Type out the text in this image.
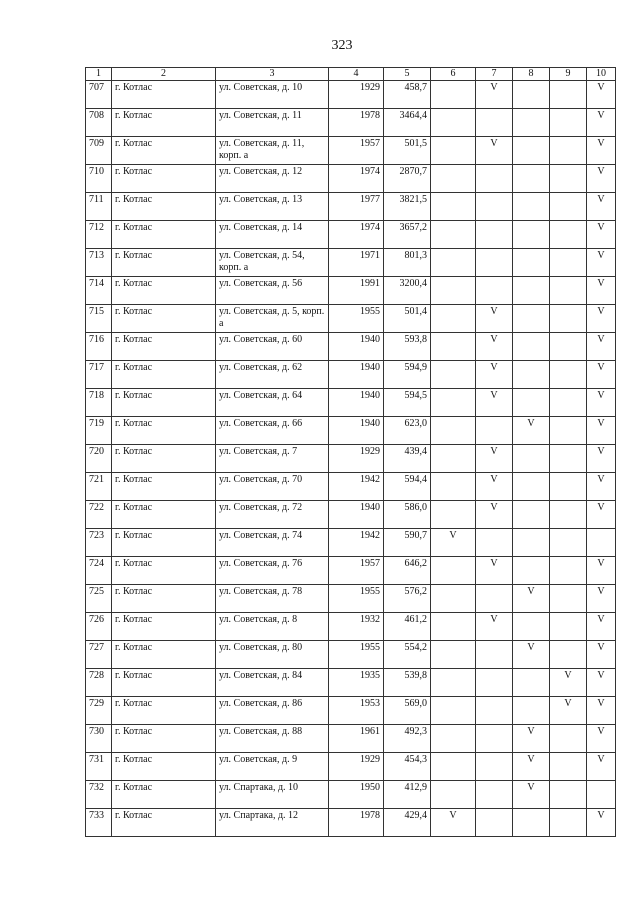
323
1	2	3	4	5	6	7	8	9	10
707	г. Котлас	ул. Советская, д. 10	1929	458,7		V			V
708	г. Котлас	ул. Советская, д. 11	1978	3464,4					V
709	г. Котлас	ул. Советская, д. 11, корп. а	1957	501,5		V			V
710	г. Котлас	ул. Советская, д. 12	1974	2870,7					V
711	г. Котлас	ул. Советская, д. 13	1977	3821,5					V
712	г. Котлас	ул. Советская, д. 14	1974	3657,2					V
713	г. Котлас	ул. Советская, д. 54, корп. а	1971	801,3					V
714	г. Котлас	ул. Советская, д. 56	1991	3200,4					V
715	г. Котлас	ул. Советская, д. 5, корп. а	1955	501,4		V			V
716	г. Котлас	ул. Советская, д. 60	1940	593,8		V			V
717	г. Котлас	ул. Советская, д. 62	1940	594,9		V			V
718	г. Котлас	ул. Советская, д. 64	1940	594,5		V			V
719	г. Котлас	ул. Советская, д. 66	1940	623,0			V		V
720	г. Котлас	ул. Советская, д. 7	1929	439,4		V			V
721	г. Котлас	ул. Советская, д. 70	1942	594,4		V			V
722	г. Котлас	ул. Советская, д. 72	1940	586,0		V			V
723	г. Котлас	ул. Советская, д. 74	1942	590,7	V				
724	г. Котлас	ул. Советская, д. 76	1957	646,2		V			V
725	г. Котлас	ул. Советская, д. 78	1955	576,2			V		V
726	г. Котлас	ул. Советская, д. 8	1932	461,2		V			V
727	г. Котлас	ул. Советская, д. 80	1955	554,2			V		V
728	г. Котлас	ул. Советская, д. 84	1935	539,8				V	V
729	г. Котлас	ул. Советская, д. 86	1953	569,0				V	V
730	г. Котлас	ул. Советская, д. 88	1961	492,3			V		V
731	г. Котлас	ул. Советская, д. 9	1929	454,3			V		V
732	г. Котлас	ул. Спартака, д. 10	1950	412,9			V		
733	г. Котлас	ул. Спартака, д. 12	1978	429,4	V				V
